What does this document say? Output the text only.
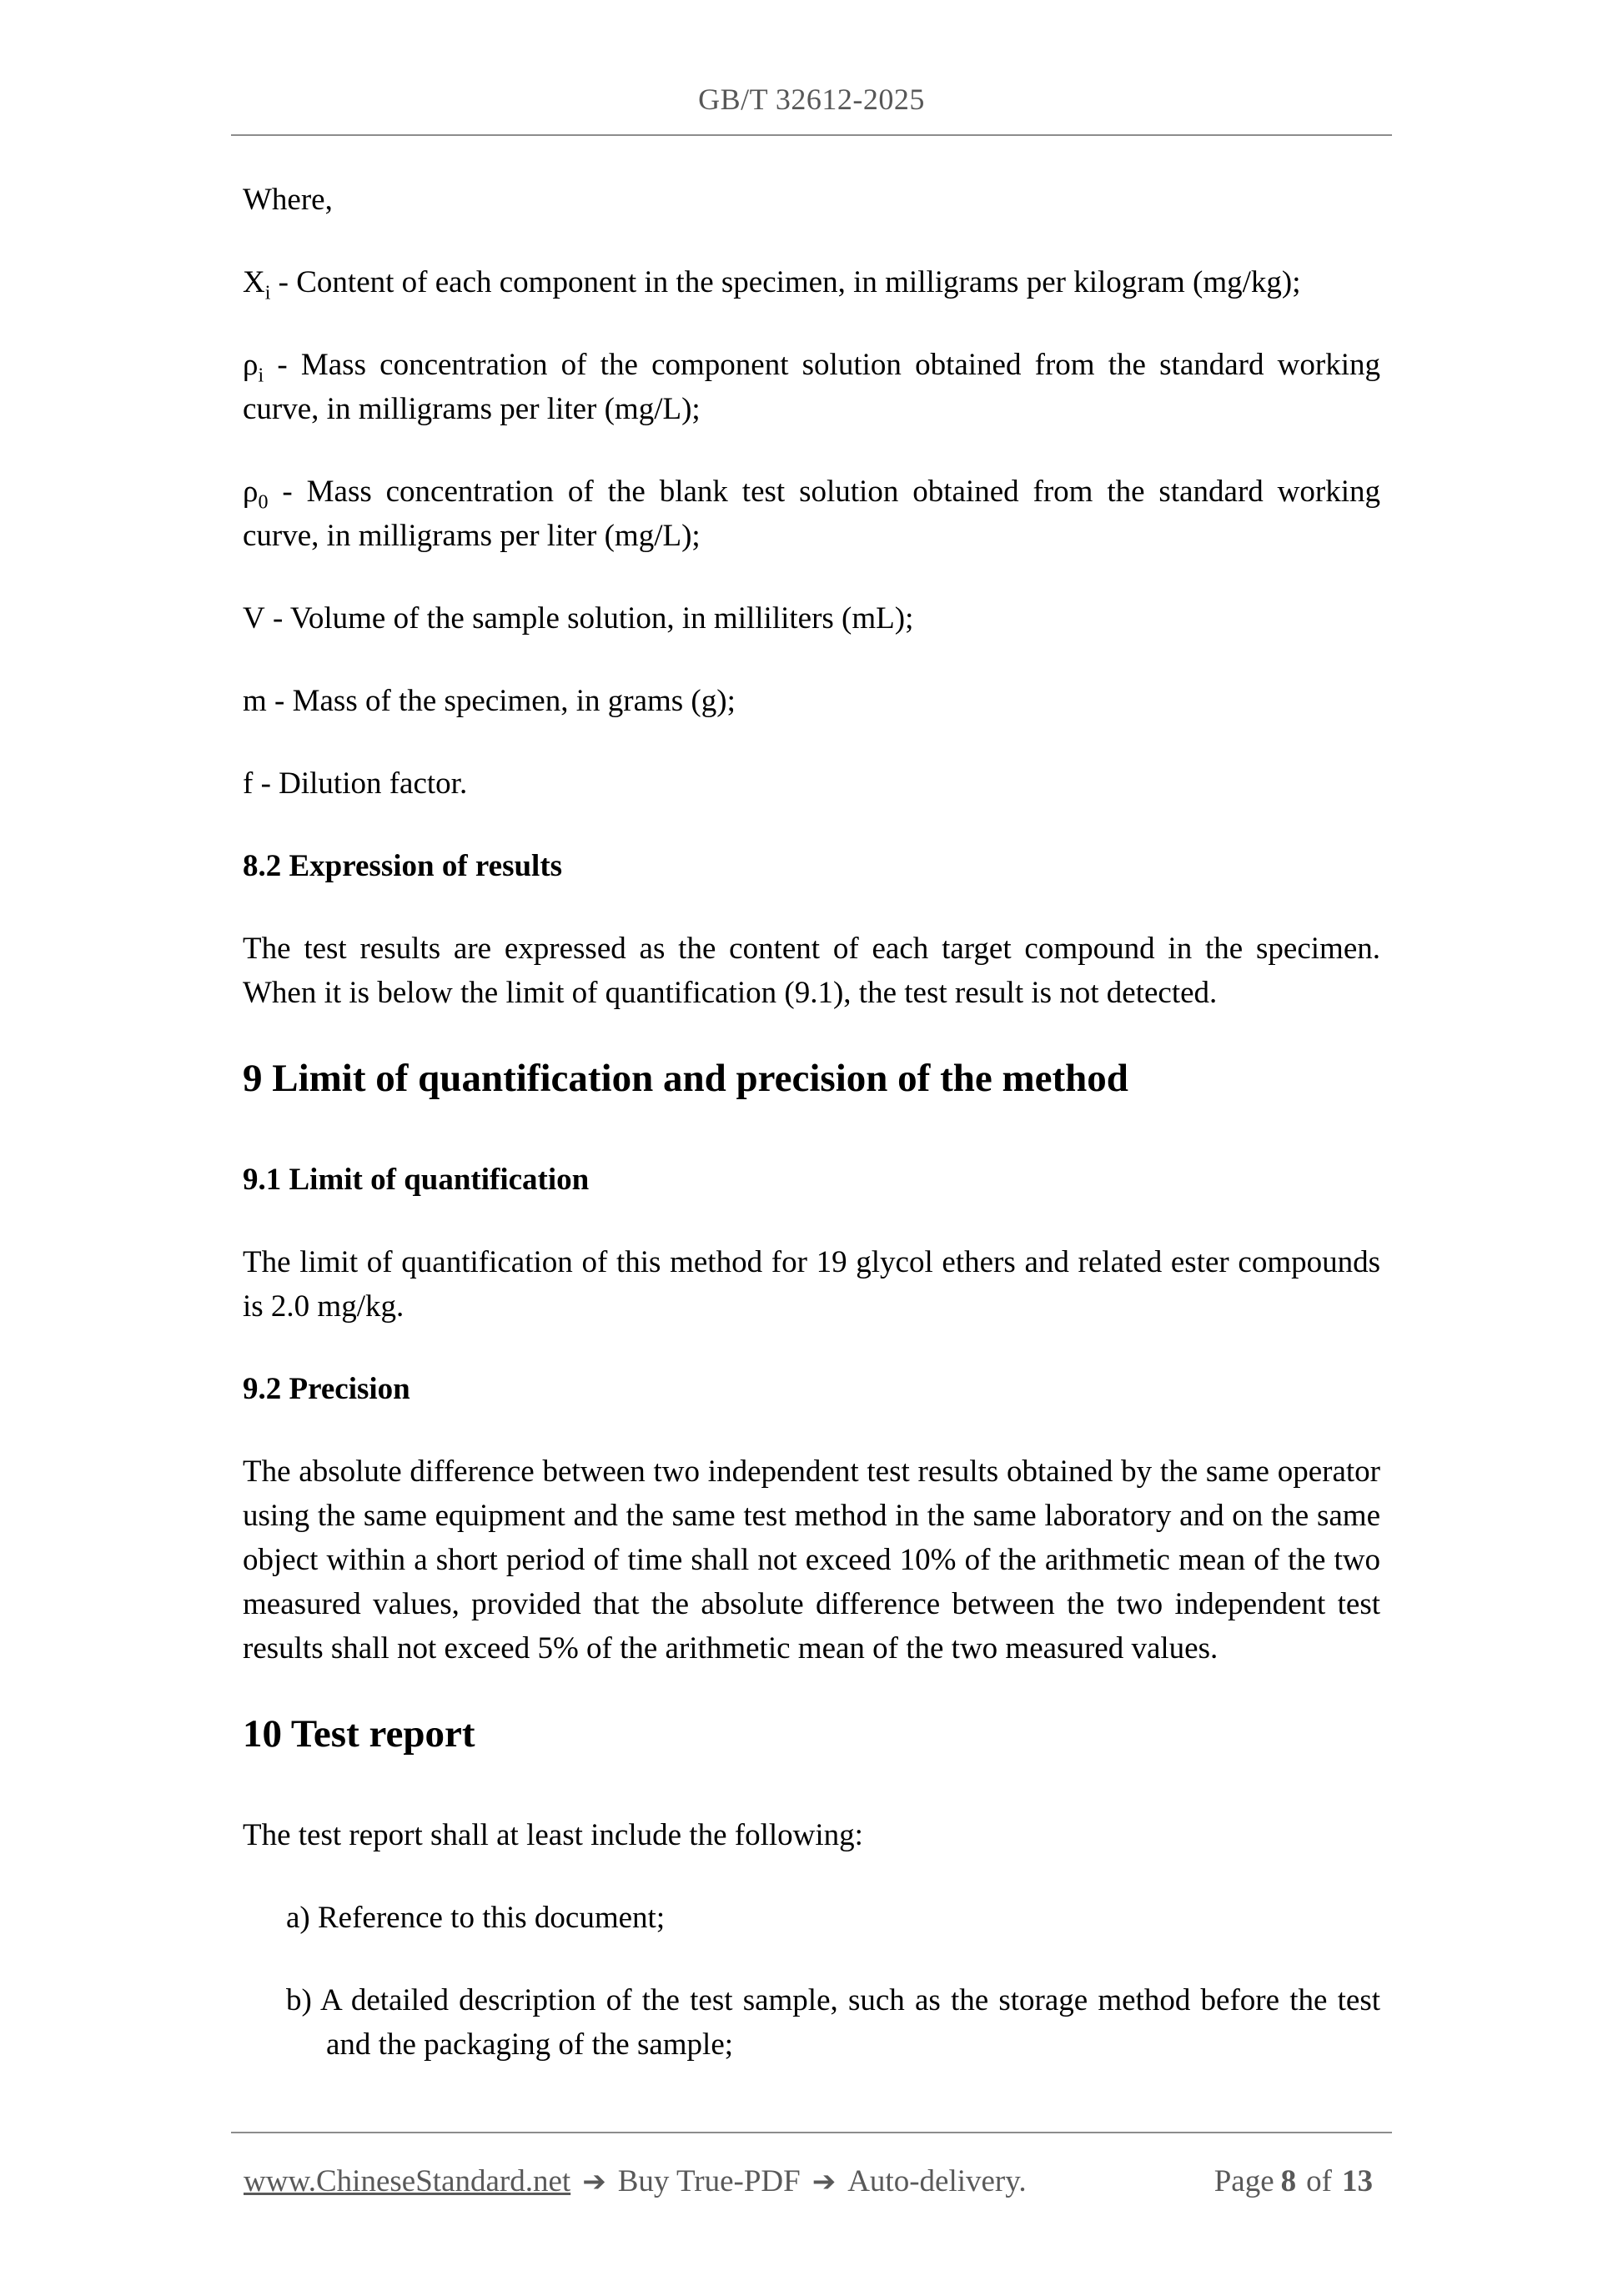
GB/T 32612-2025

Where,

$X_i$ - Content of each component in the specimen, in milligrams per kilogram (mg/kg);

$\rho_i$ - Mass concentration of the component solution obtained from the standard working curve, in milligrams per liter (mg/L);

$\rho_0$ - Mass concentration of the blank test solution obtained from the standard working curve, in milligrams per liter (mg/L);

V - Volume of the sample solution, in milliliters (mL);

m - Mass of the specimen, in grams (g);

f - Dilution factor.

8.2 Expression of results

The test results are expressed as the content of each target compound in the specimen. When it is below the limit of quantification (9.1), the test result is not detected.

9 Limit of quantification and precision of the method
9.1 Limit of quantification

The limit of quantification of this method for 19 glycol ethers and related ester compounds is 2.0 mg/kg.

9.2 Precision

The absolute difference between two independent test results obtained by the same operator using the same equipment and the same test method in the same laboratory and on the same object within a short period of time shall not exceed 10% of the arithmetic mean of the two measured values, provided that the absolute difference between the two independent test results shall not exceed 5% of the arithmetic mean of the two measured values.

10 Test report

The test report shall at least include the following:

a) Reference to this document;

b) A detailed description of the test sample, such as the storage method before the test and the packaging of the sample;

www.ChineseStandard.net ➔ Buy True-PDF ➔ Auto-delivery.	Page 8 of 13
